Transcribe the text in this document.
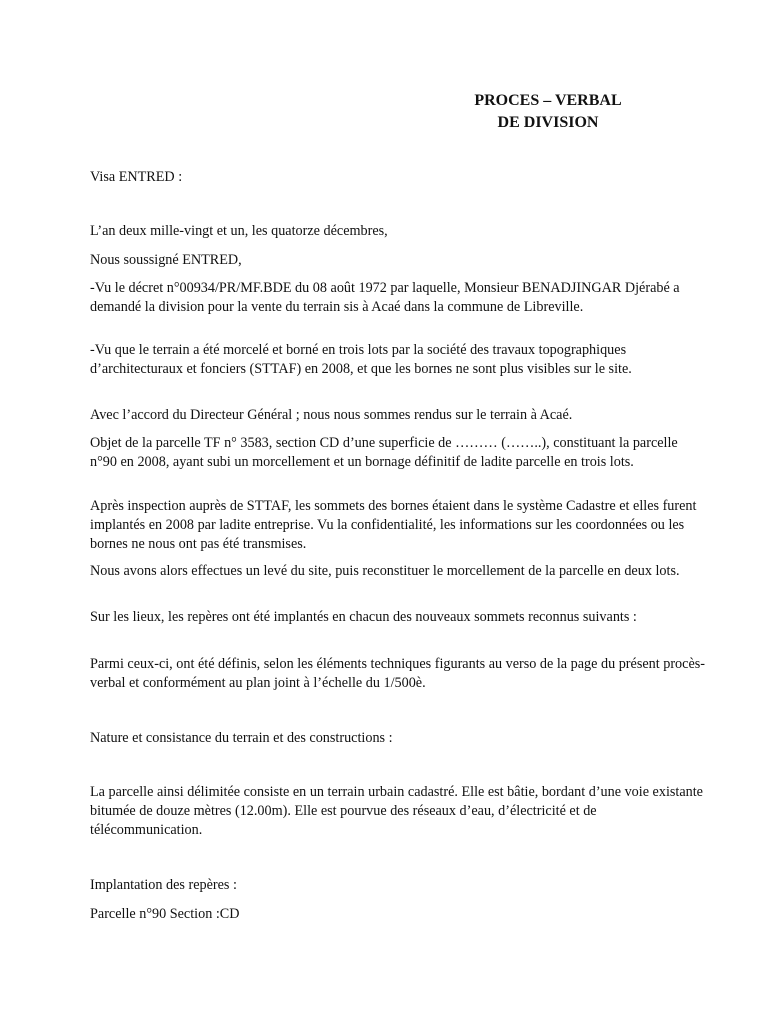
PROCES – VERBAL
DE DIVISION

Visa ENTRED :

L’an deux mille-vingt et un, les quatorze décembres,

Nous soussigné ENTRED,

-Vu le décret n°00934/PR/MF.BDE du 08 août 1972 par laquelle, Monsieur BENADJINGAR Djérabé a demandé la division pour la vente du terrain sis à Acaé dans la commune de Libreville.

-Vu que le terrain a été morcelé et borné en trois lots par la société des travaux topographiques d’architecturaux et fonciers (STTAF) en 2008, et que les bornes ne sont plus visibles sur le site.

Avec l’accord du Directeur Général ; nous nous sommes rendus sur le terrain à Acaé.

Objet de la parcelle TF n° 3583, section CD d’une superficie de ……… (……..), constituant la parcelle n°90 en 2008, ayant subi un morcellement et un bornage définitif de ladite parcelle en trois lots.

Après inspection auprès de STTAF, les sommets des bornes étaient dans le système Cadastre et elles furent implantés en 2008 par ladite entreprise. Vu la confidentialité, les informations sur les coordonnées ou les bornes ne nous ont pas été transmises.

Nous avons alors effectues un levé du site, puis reconstituer le morcellement de la parcelle en deux lots.

Sur les lieux, les repères ont été implantés en chacun des nouveaux sommets reconnus suivants :

Parmi ceux-ci, ont été définis, selon les éléments techniques figurants au verso de la page du présent procès-verbal et conformément au plan joint à l’échelle du 1/500è.

Nature et consistance du terrain et des constructions :

La parcelle ainsi délimitée consiste en un terrain urbain cadastré. Elle est bâtie, bordant d’une voie existante bitumée de douze mètres (12.00m). Elle est pourvue des réseaux d’eau, d’électricité et de télécommunication.

Implantation des repères :

Parcelle n°90 Section :CD
